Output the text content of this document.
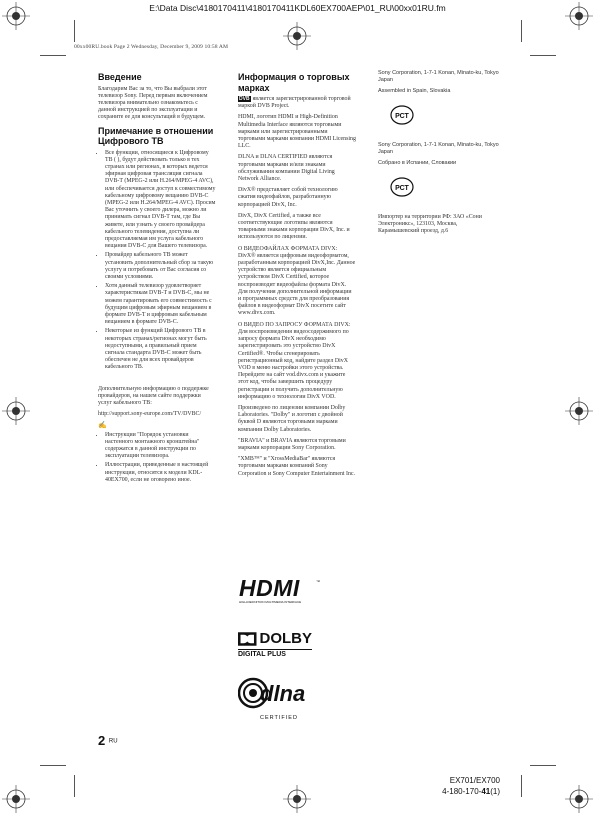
E:\Data Disc\4180170411\4180170411KDL60EX700AEP\01_RU\00xx01RU.fm
00xx00RU.book Page 2 Wednesday, December 9, 2009 10:58 AM
Введение

Благодарим Вас за то, что Вы выбрали этот телевизор Sony. Перед первым включением телевизора внимательно ознакомьтесь с данной инструкцией по эксплуатации и сохраните ее для консультаций в будущем.

Примечание в отношении Цифрового ТВ
• Все функции, относящиеся к Цифровому ТВ ( ), будут действовать только в тех странах или регионах, в которых ведется эфирная цифровая трансляция сигнала DVB-T (MPEG-2 или H.264/MPEG-4 AVC), или обеспечивается доступ к совместимому кабельному цифровому вещанию DVB-C (MPEG-2 или H.264/MPEG-4 AVC). Просим Вас уточнить у своего дилера, можно ли принимать сигнал DVB-T там, где Вы живете, или узнать у своего провайдера кабельного телевидения, доступна ли предоставляемая им услуга кабельного вещания DVB-C для Вашего телевизора.
• Провайдер кабельного ТВ может установить дополнительный сбор за такую услугу и потребовать от Вас согласия со своими условиями.
• Хотя данный телевизор удовлетворяет характеристикам DVB-T и DVB-C, мы не можем гарантировать его совместимость с будущим цифровым эфирным вещанием в формате DVB-T и цифровым кабельным вещанием в формате DVB-C.
• Некоторые из функций Цифрового ТВ в некоторых странах/регионах могут быть недоступными, а правильный прием сигнала стандарта DVB-C может быть обеспечен не для всех провайдеров кабельного ТВ.

Дополнительную информацию о поддержке провайдеров, на нашем сайте поддержки услуг кабельного ТВ:

http://support.sony-europe.com/TV/DVBC/

✍
• Инструкции "Порядок установки настенного монтажного кронштейна" содержатся в данной инструкции по эксплуатации телевизора.
• Иллюстрации, приведенные в настоящей инструкции, относятся к модели KDL-40EX700, если не оговорено иное.
Информация о торговых марках

DVB является зарегистрированной торговой маркой DVB Project.

HDMI, логотип HDMI и High-Definition Multimedia Interface являются торговыми марками или зарегистрированными торговыми марками компании HDMI Licensing LLC.

DLNA и DLNA CERTIFIED являются торговыми марками и/или знаками обслуживания компании Digital Living Network Alliance.

DivX® представляет собой технологию сжатия видеофайлов, разработанную корпорацией DivX, Inc.

DivX, DivX Certified, а также все соответствующие логотипы являются товарными знаками корпорации DivX, Inc. и используются по лицензии.

О ВИДЕОФАЙЛАХ ФОРМАТА DIVX: DivX® является цифровым видеоформатом, разработанным корпорацией DivX,Inc. Данное устройство является официальным устройством DivX Certified, которое воспроизводит видеофайлы формата DivX. Для получения дополнительной информации и программных средств для преобразования файлов в видеоформат DivX посетите сайт www.divx.com.

О ВИДЕО ПО ЗАПРОСУ ФОРМАТА DIVX: Для воспроизведения видеосодержимого по запросу формата DivX необходимо зарегистрировать это устройство DivX Certified®. Чтобы сгенерировать регистрационный код, найдите раздел DivX VOD в меню настройки этого устройства. Перейдите на сайт vod.divx.com и укажите этот код, чтобы завершить процедуру регистрации и получить дополнительную информацию о технологии DivX VOD.

Произведено по лицензии компании Dolby Laboratories. "Dolby" и логотип с двойной буквой D являются торговыми марками компании Dolby Laboratories.

"BRAVIA" и BRAVIA являются торговыми марками корпорации Sony Corporation.

"XMB™" и "XrossMediaBar" являются торговыми марками компаний Sony Corporation и Sony Computer Entertainment Inc.

HDMI	™
HIGH-DEFINITION MULTIMEDIA INTERFACE
DOLBY
DIGITAL PLUS
dlna
CERTIFIED

Sony Corporation, 1-7-1 Konan, Minato-ku, Tokyo Japan

Assembled in Spain, Slovakia

РСТ

Sony Corporation, 1-7-1 Konan, Minato-ku, Tokyo Japan

Собрано в Испании, Словакии

РСТ

Импортер на территории РФ: ЗАО «Сони Электроникс», 123103, Москва, Карамышевский проезд, д.6

2 RU
EX701/EX700
4-180-170-41(1)
